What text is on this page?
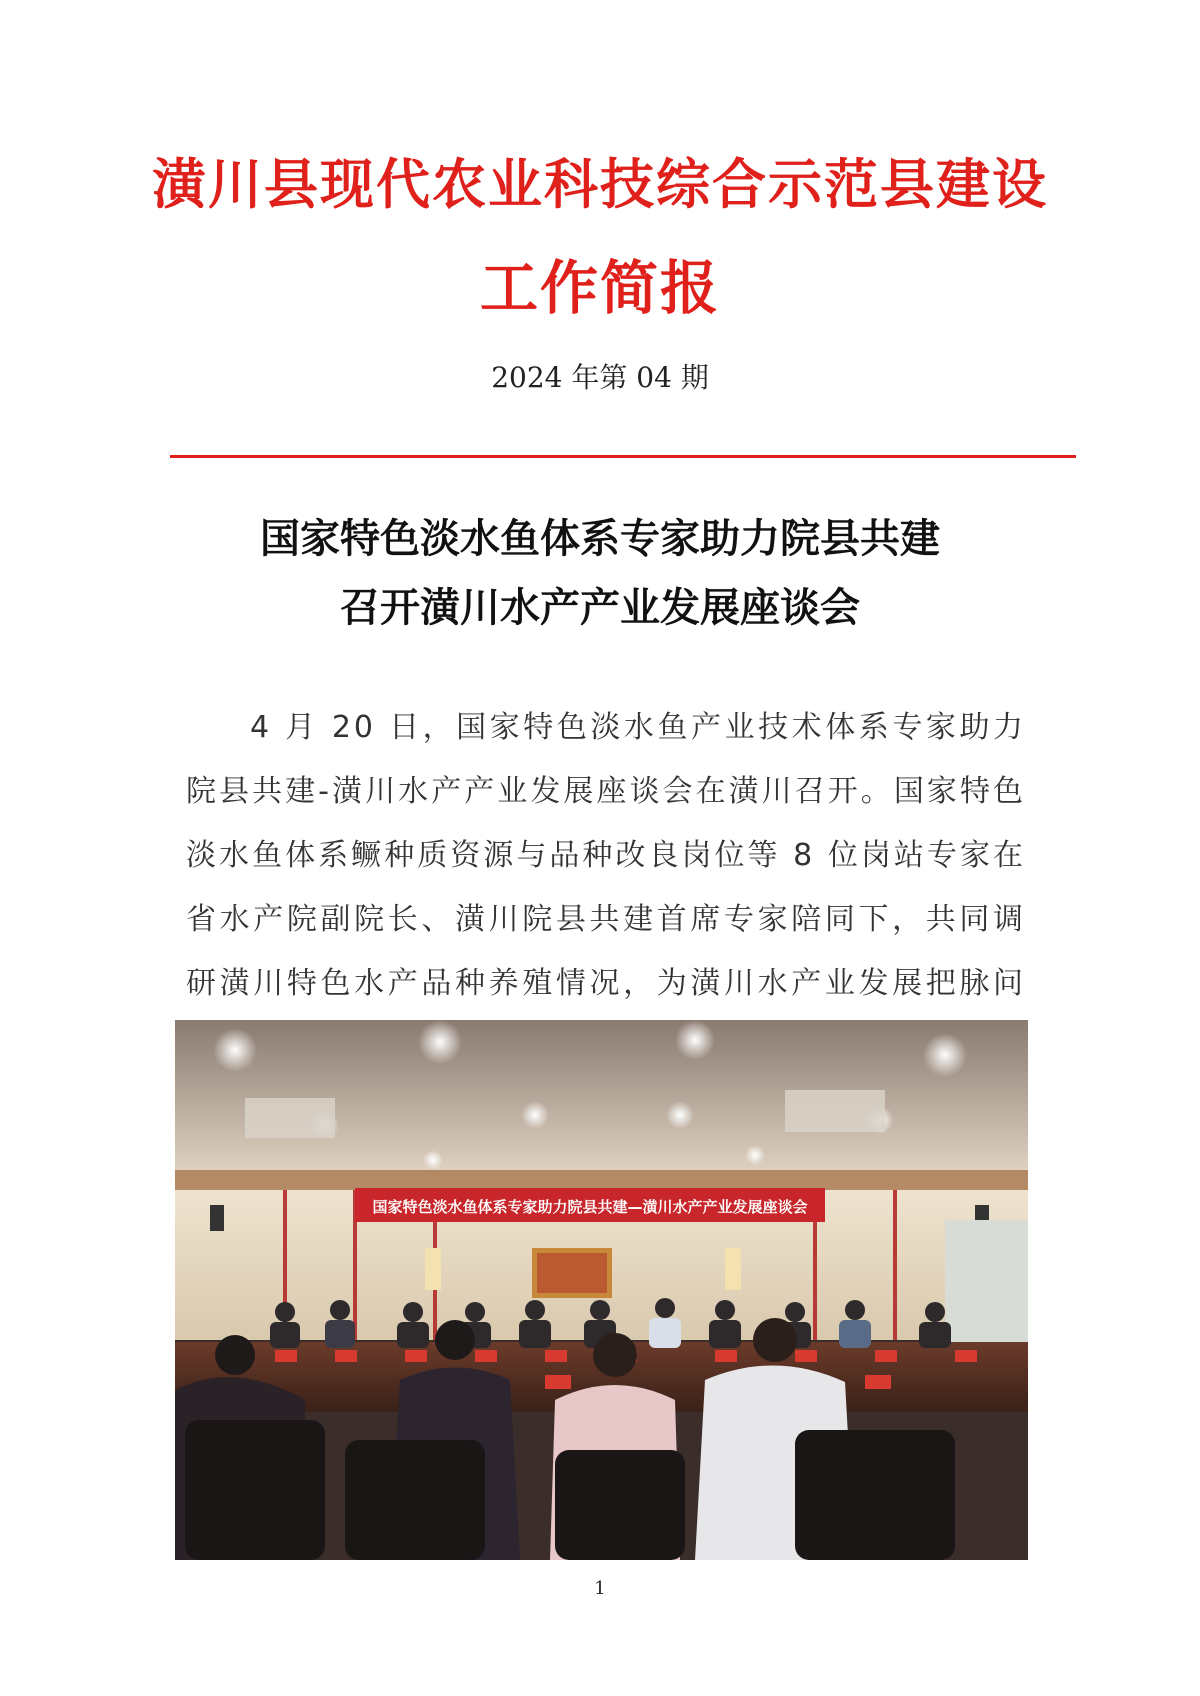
潢川县现代农业科技综合示范县建设
工作简报
2024 年第 04 期
国家特色淡水鱼体系专家助力院县共建
召开潢川水产产业发展座谈会

4 月 20 日，国家特色淡水鱼产业技术体系专家助力院县共建-潢川水产产业发展座谈会在潢川召开。国家特色淡水鱼体系鳜种质资源与品种改良岗位等 8 位岗站专家在省水产院副院长、潢川院县共建首席专家陪同下，共同调研潢川特色水产品种养殖情况，为潢川水产业发展把脉问

国家特色淡水鱼体系专家助力院县共建—潢川水产产业发展座谈会
1
